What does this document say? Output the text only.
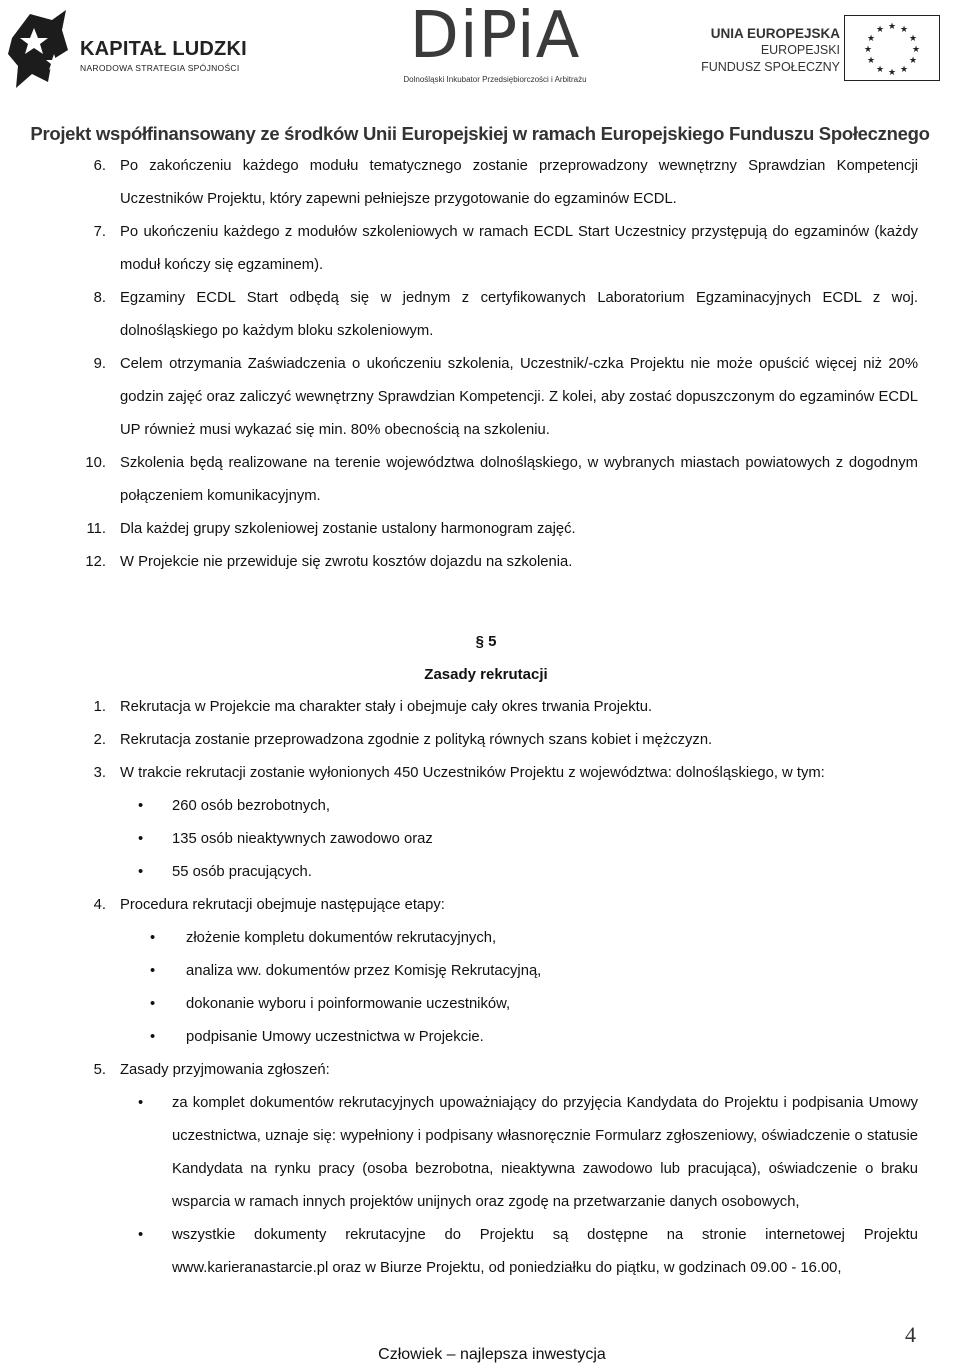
KAPITAŁ LUDZKI
NARODOWA STRATEGIA SPÓJNOŚCI	DiPiA
Dolnośląski Inkubator Przedsiębiorczości i Arbitrażu
UNIA EUROPEJSKA
EUROPEJSKI
FUNDUSZ SPOŁECZNY
★ ★
★
★
★
★
★
★
★
★
★
★
Projekt współfinansowany ze środków Unii Europejskiej w ramach Europejskiego Funduszu Społecznego
6. Po zakończeniu każdego modułu tematycznego zostanie przeprowadzony wewnętrzny Sprawdzian Kompetencji Uczestników Projektu, który zapewni pełniejsze przygotowanie do egzaminów ECDL.
7. Po ukończeniu każdego z modułów szkoleniowych w ramach ECDL Start Uczestnicy przystępują do egzaminów (każdy moduł kończy się egzaminem).
8. Egzaminy ECDL Start odbędą się w jednym z certyfikowanych Laboratorium Egzaminacyjnych ECDL z woj. dolnośląskiego po każdym bloku szkoleniowym.
9. Celem otrzymania Zaświadczenia o ukończeniu szkolenia, Uczestnik/-czka Projektu nie może opuścić więcej niż 20% godzin zajęć oraz zaliczyć wewnętrzny Sprawdzian Kompetencji. Z kolei, aby zostać dopuszczonym do egzaminów ECDL UP również musi wykazać się min. 80% obecnością na szkoleniu.
10. Szkolenia będą realizowane na terenie województwa dolnośląskiego, w wybranych miastach powiatowych z dogodnym połączeniem komunikacyjnym.
11. Dla każdej grupy szkoleniowej zostanie ustalony harmonogram zajęć.
12. W Projekcie nie przewiduje się zwrotu kosztów dojazdu na szkolenia.
§ 5
Zasady rekrutacji
1. Rekrutacja w Projekcie ma charakter stały i obejmuje cały okres trwania Projektu.
2. Rekrutacja zostanie przeprowadzona zgodnie z polityką równych szans kobiet i mężczyzn.
3. W trakcie rekrutacji zostanie wyłonionych 450 Uczestników Projektu z województwa: dolnośląskiego, w tym:
• 260 osób bezrobotnych,
• 135 osób nieaktywnych zawodowo oraz
• 55 osób pracujących.
4. Procedura rekrutacji obejmuje następujące etapy:
• złożenie kompletu dokumentów rekrutacyjnych,
• analiza ww. dokumentów przez Komisję Rekrutacyjną,
• dokonanie wyboru i poinformowanie uczestników,
• podpisanie Umowy uczestnictwa w Projekcie.
5. Zasady przyjmowania zgłoszeń:
• za komplet dokumentów rekrutacyjnych upoważniający do przyjęcia Kandydata do Projektu i podpisania Umowy uczestnictwa, uznaje się: wypełniony i podpisany własnoręcznie Formularz zgłoszeniowy, oświadczenie o statusie Kandydata na rynku pracy (osoba bezrobotna, nieaktywna zawodowo lub pracująca), oświadczenie o braku wsparcia w ramach innych projektów unijnych oraz zgodę na przetwarzanie danych osobowych,
• wszystkie dokumenty rekrutacyjne do Projektu są dostępne na stronie internetowej Projektu www.karieranastarcie.pl oraz w Biurze Projektu, od poniedziałku do piątku, w godzinach 09.00 - 16.00,
4
Człowiek – najlepsza inwestycja
